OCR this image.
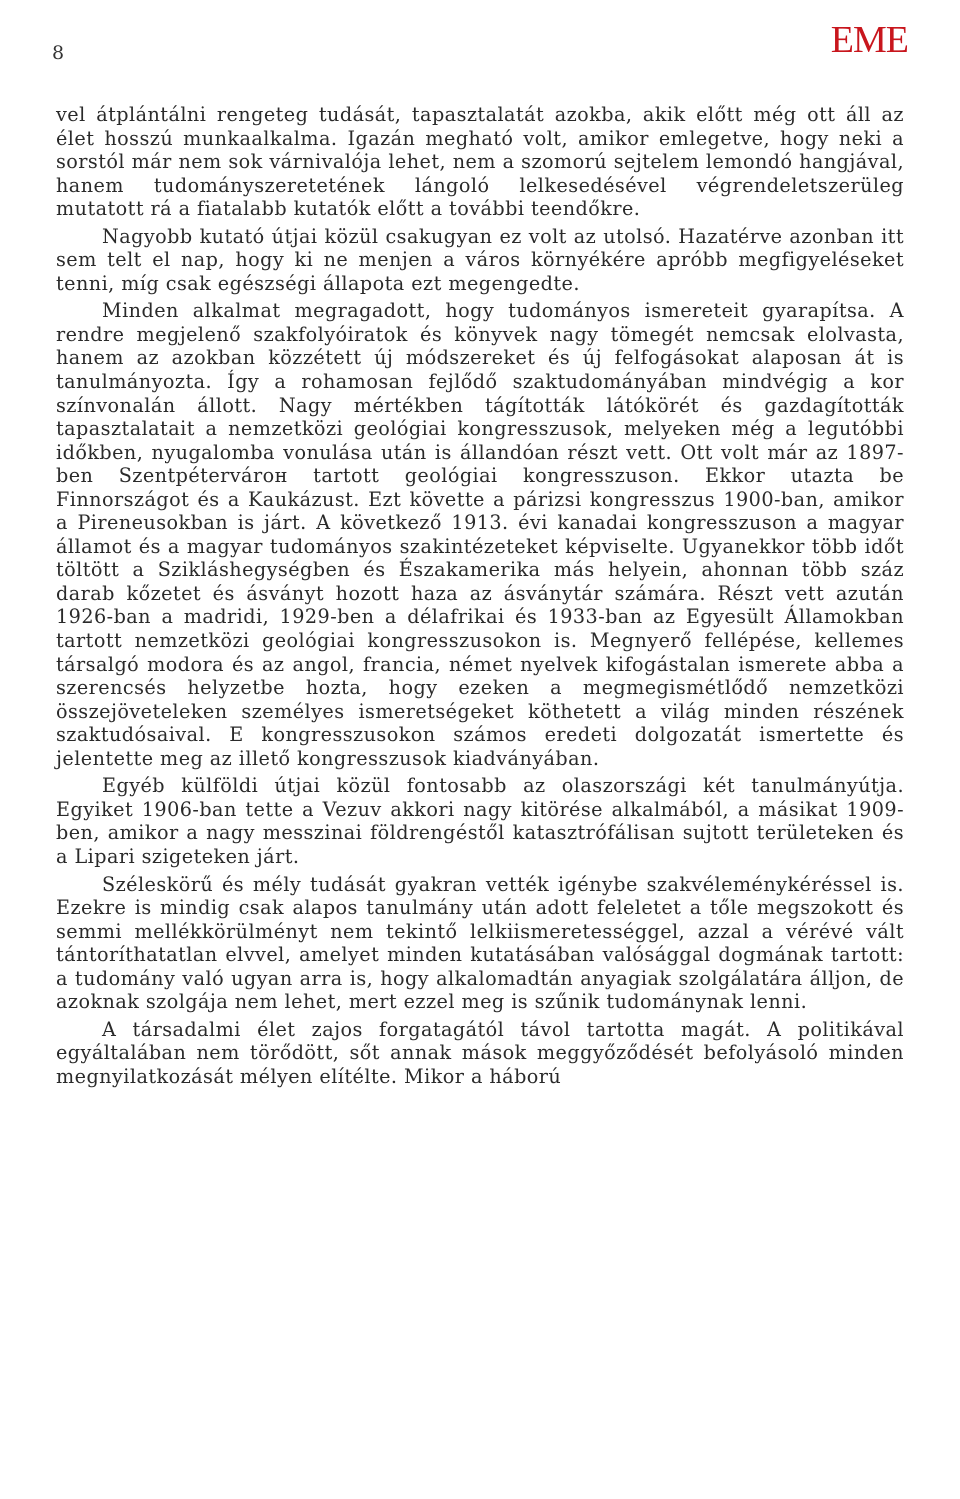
8	EME

vel átplántálni rengeteg tudását, tapasztalatát azokba, akik előtt még ott áll az élet hosszú munkaalkalma. Igazán megható volt, amikor emlegetve, hogy neki a sorstól már nem sok várnivalója lehet, nem a szomorú sejtelem lemondó hangjával, hanem tudományszeretetének lángoló lelkesedésével végrendeletszerüleg mutatott rá a fiatalabb kutatók előtt a további teendőkre.

Nagyobb kutató útjai közül csakugyan ez volt az utolsó. Hazatérve azonban itt sem telt el nap, hogy ki ne menjen a város környékére apróbb megfigyeléseket tenni, míg csak egészségi állapota ezt megengedte.

Minden alkalmat megragadott, hogy tudományos ismereteit gyarapítsa. A rendre megjelenő szakfolyóiratok és könyvek nagy tömegét nemcsak elolvasta, hanem az azokban közzétett új módszereket és új felfogásokat alaposan át is tanulmányozta. Így a rohamosan fejlődő szaktudományában mindvégig a kor színvonalán állott. Nagy mértékben tágították látókörét és gazdagították tapasztalatait a nemzetközi geológiai kongresszusok, melyeken még a legutóbbi időkben, nyugalomba vonulása után is állandóan részt vett. Ott volt már az 1897-ben Szentpétervárон tartott geológiai kongresszuson. Ekkor utazta be Finnországot és a Kaukázust. Ezt követte a párizsi kongresszus 1900-ban, amikor a Pireneusokban is járt. A következő 1913. évi kanadai kongresszuson a magyar államot és a magyar tudományos szakintézeteket képviselte. Ugyanekkor több időt töltött a Szikláshegységben és Északamerika más helyein, ahonnan több száz darab kőzetet és ásványt hozott haza az ásványtár számára. Részt vett azután 1926-ban a madridi, 1929-ben a délafrikai és 1933-ban az Egyesült Államokban tartott nemzetközi geológiai kongresszusokon is. Megnyerő fellépése, kellemes társalgó modora és az angol, francia, német nyelvek kifogástalan ismerete abba a szerencsés helyzetbe hozta, hogy ezeken a megmegismétlődő nemzetközi összejöveteleken személyes ismeretségeket köthetett a világ minden részének szaktudósaival. E kongresszusokon számos eredeti dolgozatát ismertette és jelentette meg az illető kongresszusok kiadványában.

Egyéb külföldi útjai közül fontosabb az olaszországi két tanulmányútja. Egyiket 1906-ban tette a Vezuv akkori nagy kitörése alkalmából, a másikat 1909-ben, amikor a nagy messzinai földrengéstől katasztrófálisan sujtott területeken és a Lipari szigeteken járt.

Széleskörű és mély tudását gyakran vették igénybe szakvéleménykéréssel is. Ezekre is mindig csak alapos tanulmány után adott feleletet a tőle megszokott és semmi mellékkörülményt nem tekintő lelkiismeretességgel, azzal a vérévé vált tántoríthatatlan elvvel, amelyet minden kutatásában valósággal dogmának tartott: a tudomány való ugyan arra is, hogy alkalomadtán anyagiak szolgálatára álljon, de azoknak szolgája nem lehet, mert ezzel meg is szűnik tudománynak lenni.

A társadalmi élet zajos forgatagától távol tartotta magát. A politikával egyáltalában nem törődött, sőt annak mások meggyőződését befolyásoló minden megnyilatkozását mélyen elítélte. Mikor a háború
